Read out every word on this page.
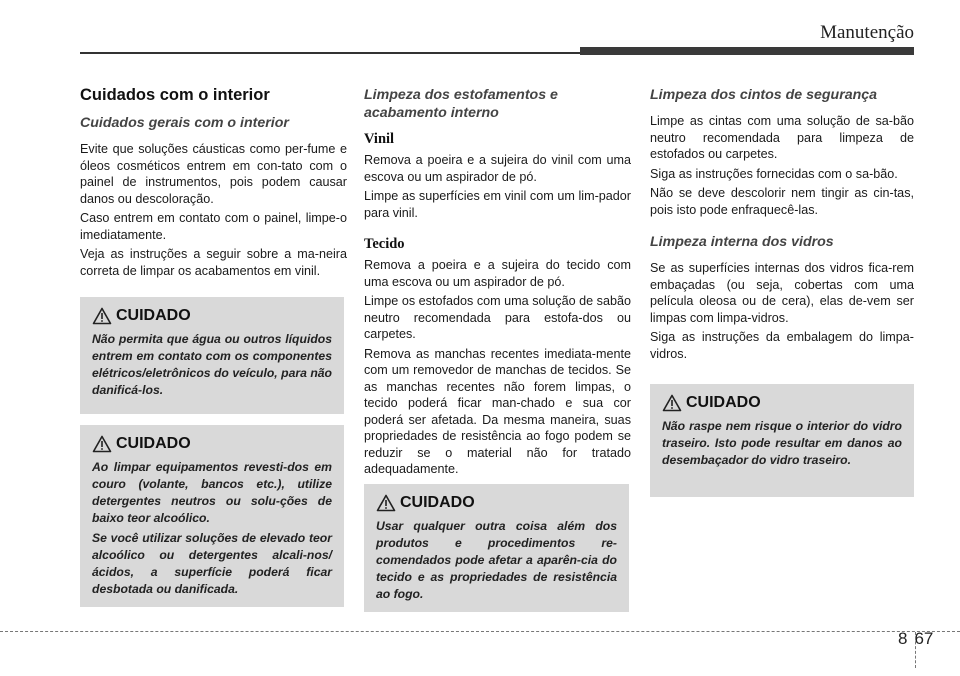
Manutenção
Cuidados com o interior
Cuidados gerais com o interior

Evite que soluções cáusticas como per-fume e óleos cosméticos entrem em con-tato com o painel de instrumentos, pois podem causar danos ou descoloração.

Caso entrem em contato com o painel, limpe-o imediatamente.

Veja as instruções a seguir sobre a ma-neira correta de limpar os acabamentos em vinil.

CUIDADO

Não permita que água ou outros líquidos entrem em contato com os componentes elétricos/eletrônicos do veículo, para não danificá-los.

CUIDADO

Ao limpar equipamentos revesti-dos em couro (volante, bancos etc.), utilize detergentes neutros ou solu-ções de baixo teor alcoólico.

Se você utilizar soluções de elevado teor alcoólico ou detergentes alcali-nos/ácidos, a superfície poderá ficar desbotada ou danificada.

Limpeza dos estofamentos e acabamento interno
Vinil

Remova a poeira e a sujeira do vinil com uma escova ou um aspirador de pó.

Limpe as superfícies em vinil com um lim-pador para vinil.

Tecido

Remova a poeira e a sujeira do tecido com uma escova ou um aspirador de pó.

Limpe os estofados com uma solução de sabão neutro recomendada para estofa-dos ou carpetes.

Remova as manchas recentes imediata-mente com um removedor de manchas de tecidos. Se as manchas recentes não forem limpas, o tecido poderá ficar man-chado e sua cor poderá ser afetada. Da mesma maneira, suas propriedades de resistência ao fogo podem se reduzir se o material não for tratado adequadamente.

CUIDADO

Usar qualquer outra coisa além dos produtos e procedimentos re-comendados pode afetar a aparên-cia do tecido e as propriedades de resistência ao fogo.

Limpeza dos cintos de segurança

Limpe as cintas com uma solução de sa-bão neutro recomendada para limpeza de estofados ou carpetes.

Siga as instruções fornecidas com o sa-bão.

Não se deve descolorir nem tingir as cin-tas, pois isto pode enfraquecê-las.

Limpeza interna dos vidros

Se as superfícies internas dos vidros fica-rem embaçadas (ou seja, cobertas com uma película oleosa ou de cera), elas de-vem ser limpas com limpa-vidros.

Siga as instruções da embalagem do limpa-vidros.

CUIDADO

Não raspe nem risque o interior do vidro traseiro. Isto pode resultar em danos ao desembaçador do vidro traseiro.

8 67
